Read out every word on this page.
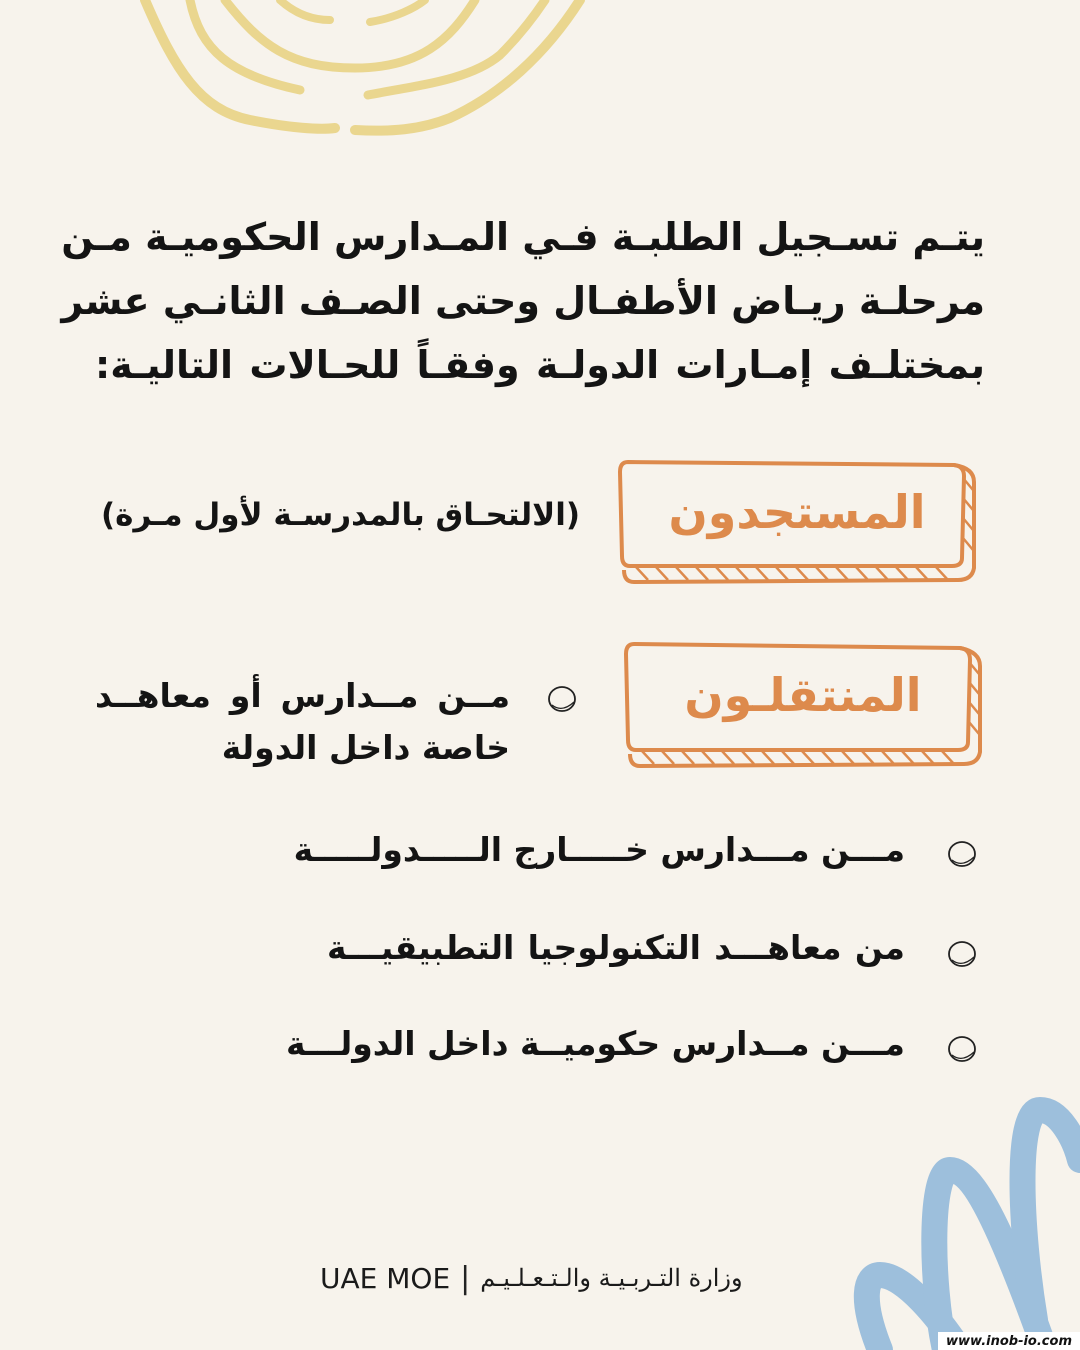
يتـم تسـجيل الطلبـة فـي المـدارس الحكوميـة مـن
مرحلـة ريـاض الأطفـال وحتى الصـف الثانـي عشر
بمختلـف إمـارات الدولـة وفقـاً للحـالات التاليـة:
المستجدون
(الالتحـاق بالمدرسـة لأول مـرة)
المنتقلـون
مــن مــدارس أو معاهــد
خاصة داخل الدولة
مـــن مـــدارس خـــــارج الـــــدولـــــة
من معاهـــد التكنولوجيا التطبيقيـــة
مـــن مــدارس حكوميــة داخل الدولـــة
UAE MOE | وزارة التـربـيـة والـتـعـلـيـم
www.inob-io.com
